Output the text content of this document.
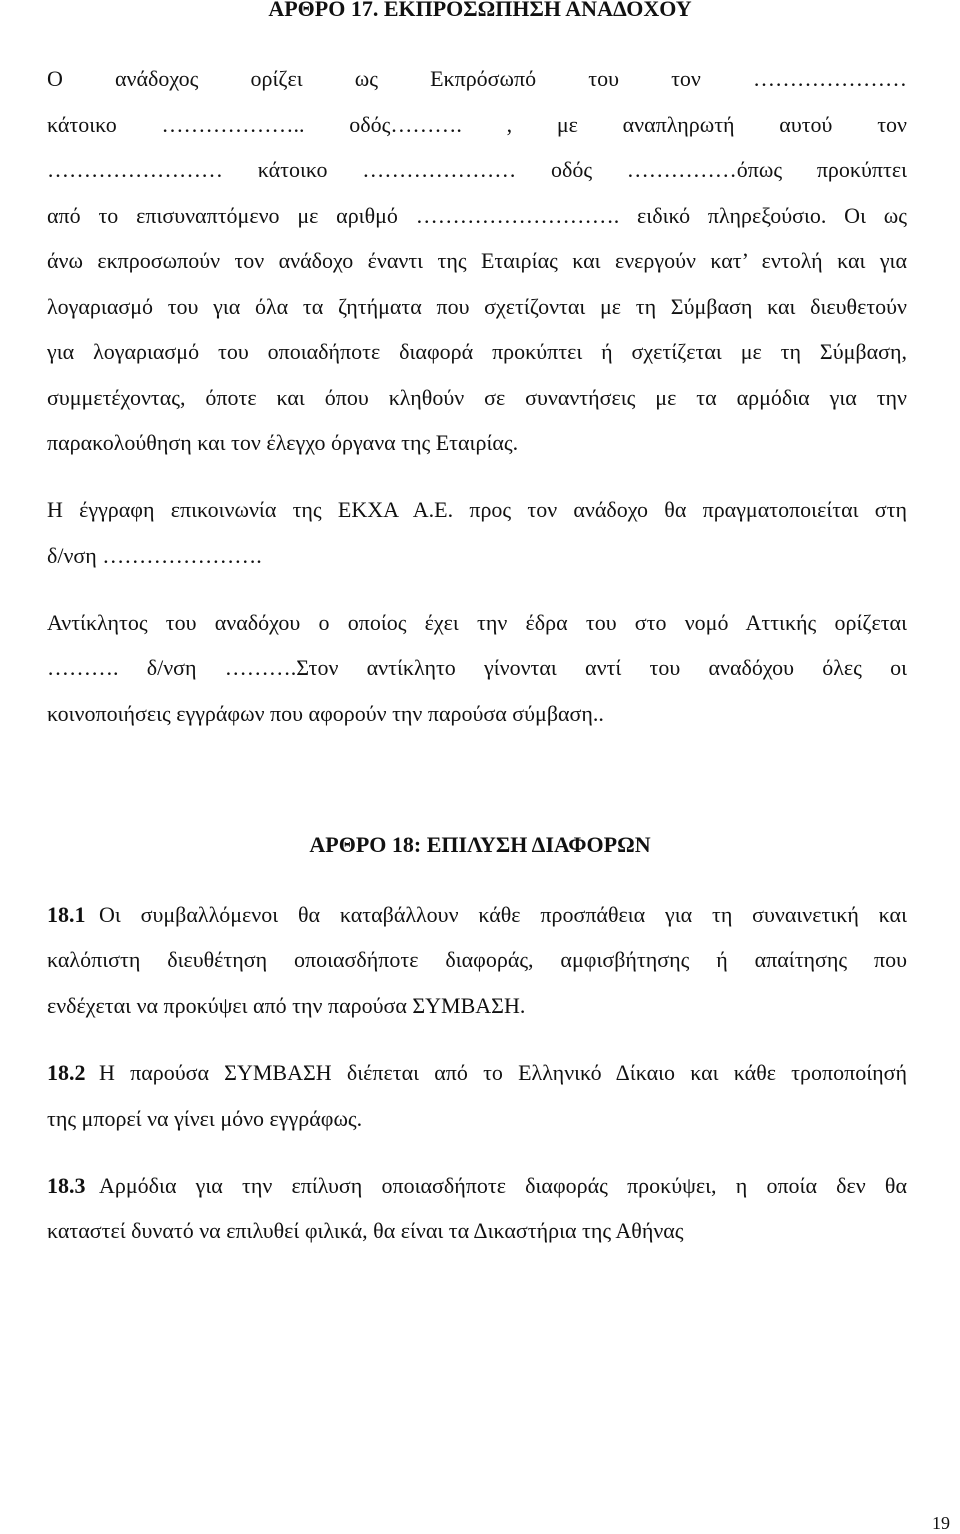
ΑΡΘΡΟ 17. ΕΚΠΡΟΣΩΠΗΣΗ ΑΝΑΔΟΧΟΥ
Ο ανάδοχος ορίζει ως Εκπρόσωπό του τον …………………
κάτοικο ……………….. οδός………. , με αναπληρωτή αυτού τον
…………………… κάτοικο ………………… οδός ……………όπως προκύπτει
από το επισυναπτόμενο με αριθμό ………………………. ειδικό πληρεξούσιο. Οι ως
άνω εκπροσωπούν τον ανάδοχο έναντι της Εταιρίας και ενεργούν κατ’ εντολή και για
λογαριασμό του για όλα τα ζητήματα που σχετίζονται με τη Σύμβαση και διευθετούν
για λογαριασμό του οποιαδήποτε διαφορά προκύπτει ή σχετίζεται με τη Σύμβαση,
συμμετέχοντας, όποτε και όπου κληθούν σε συναντήσεις με τα αρμόδια για την
παρακολούθηση και τον έλεγχο όργανα της Εταιρίας.
Η έγγραφη επικοινωνία της ΕΚΧΑ Α.Ε. προς τον ανάδοχο θα πραγματοποιείται στη
δ/νση ………………….
Αντίκλητος του αναδόχου ο οποίος έχει την έδρα του στο νομό Αττικής ορίζεται
………. δ/νση ……….Στον αντίκλητο γίνονται αντί του αναδόχου όλες οι
κοινοποιήσεις εγγράφων που αφορούν την παρούσα σύμβαση..
ΑΡΘΡΟ 18: ΕΠΙΛΥΣΗ ΔΙΑΦΟΡΩΝ
18.1 Οι συμβαλλόμενοι θα καταβάλλουν κάθε προσπάθεια για τη συναινετική και
καλόπιστη διευθέτηση οποιασδήποτε διαφοράς, αμφισβήτησης ή απαίτησης που
ενδέχεται να προκύψει από την παρούσα ΣΥΜΒΑΣΗ.
18.2 Η παρούσα ΣΥΜΒΑΣΗ διέπεται από το Ελληνικό Δίκαιο και κάθε τροποποίησή
της μπορεί να γίνει μόνο εγγράφως.
18.3 Αρμόδια για την επίλυση οποιασδήποτε διαφοράς προκύψει, η οποία δεν θα
καταστεί δυνατό να επιλυθεί φιλικά, θα είναι τα Δικαστήρια της Αθήνας
19
